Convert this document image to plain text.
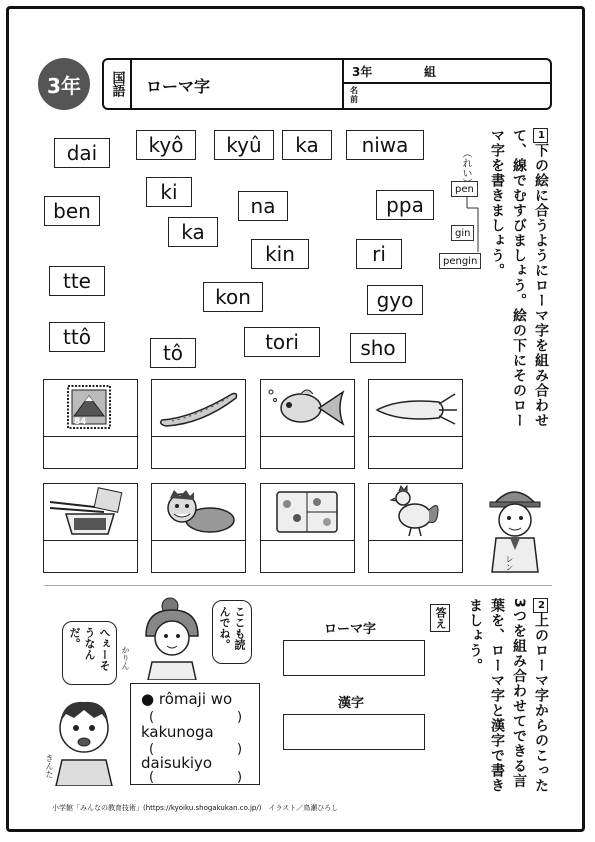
3年	国語	ローマ字
3年	組
名前
1下の絵に合うようにローマ字を組み合わせて、線でむすびましょう。絵の下にそのローマ字を書きましょう。
（れい）
pen
gin
pengin
dai	kyô	kyû	ka	niwa
ki
ben	na	ppa
ka
kin	ri
tte
kon	gyo
ttô
tô	tori	sho
84
レン
2上のローマ字からのこった3つを組み合わせてできる言葉を、ローマ字と漢字で書きましょう。
答え
ローマ字
漢字
かりん
ここも読んでね。
へぇーそうなんだ。
きんた
● rômaji wo
(	)
kakunoga
(	)
daisukiyo
(	)
小学館「みんなの教育技術」(https://kyoiku.shogakukan.co.jp/)　イラスト／鳥瀬ひろし
